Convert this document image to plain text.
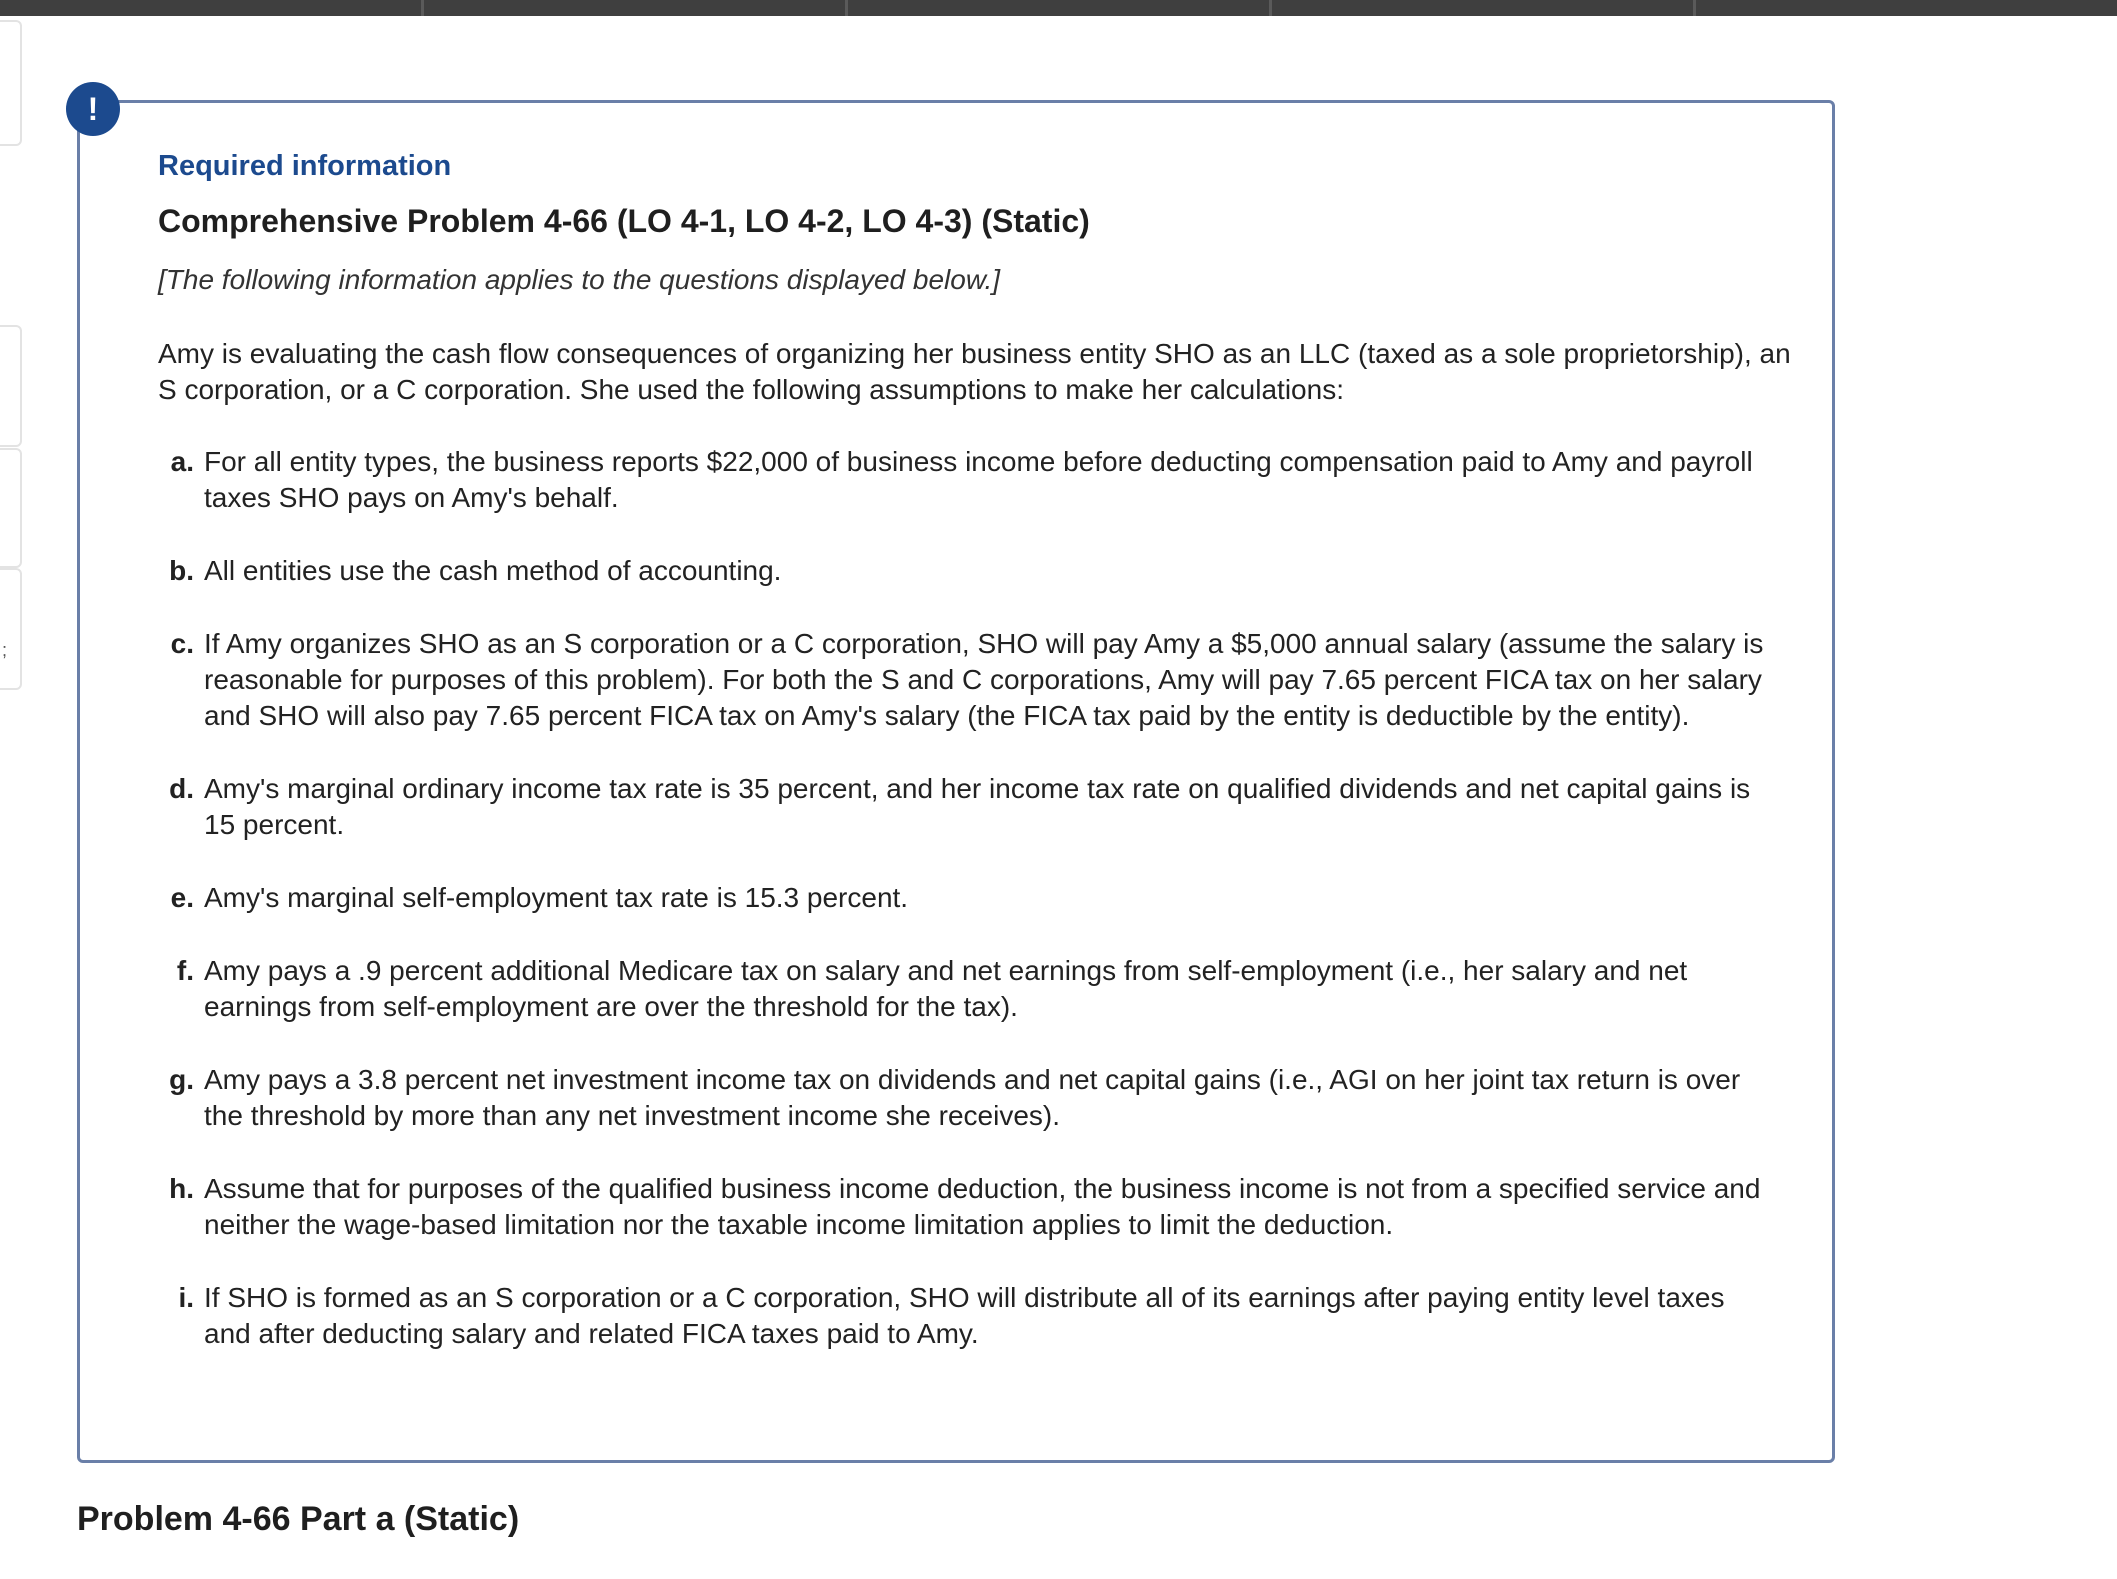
;
!
Required information
Comprehensive Problem 4-66 (LO 4-1, LO 4-2, LO 4-3) (Static)
[The following information applies to the questions displayed below.]
Amy is evaluating the cash flow consequences of organizing her business entity SHO as an LLC (taxed as a sole proprietorship), an S corporation, or a C corporation. She used the following assumptions to make her calculations:
a. For all entity types, the business reports $22,000 of business income before deducting compensation paid to Amy and payroll taxes SHO pays on Amy's behalf.
b. All entities use the cash method of accounting.
c. If Amy organizes SHO as an S corporation or a C corporation, SHO will pay Amy a $5,000 annual salary (assume the salary is reasonable for purposes of this problem). For both the S and C corporations, Amy will pay 7.65 percent FICA tax on her salary and SHO will also pay 7.65 percent FICA tax on Amy's salary (the FICA tax paid by the entity is deductible by the entity).
d. Amy's marginal ordinary income tax rate is 35 percent, and her income tax rate on qualified dividends and net capital gains is 15 percent.
e. Amy's marginal self-employment tax rate is 15.3 percent.
f. Amy pays a .9 percent additional Medicare tax on salary and net earnings from self-employment (i.e., her salary and net earnings from self-employment are over the threshold for the tax).
g. Amy pays a 3.8 percent net investment income tax on dividends and net capital gains (i.e., AGI on her joint tax return is over the threshold by more than any net investment income she receives).
h. Assume that for purposes of the qualified business income deduction, the business income is not from a specified service and neither the wage-based limitation nor the taxable income limitation applies to limit the deduction.
i. If SHO is formed as an S corporation or a C corporation, SHO will distribute all of its earnings after paying entity level taxes and after deducting salary and related FICA taxes paid to Amy.
Problem 4-66 Part a (Static)
